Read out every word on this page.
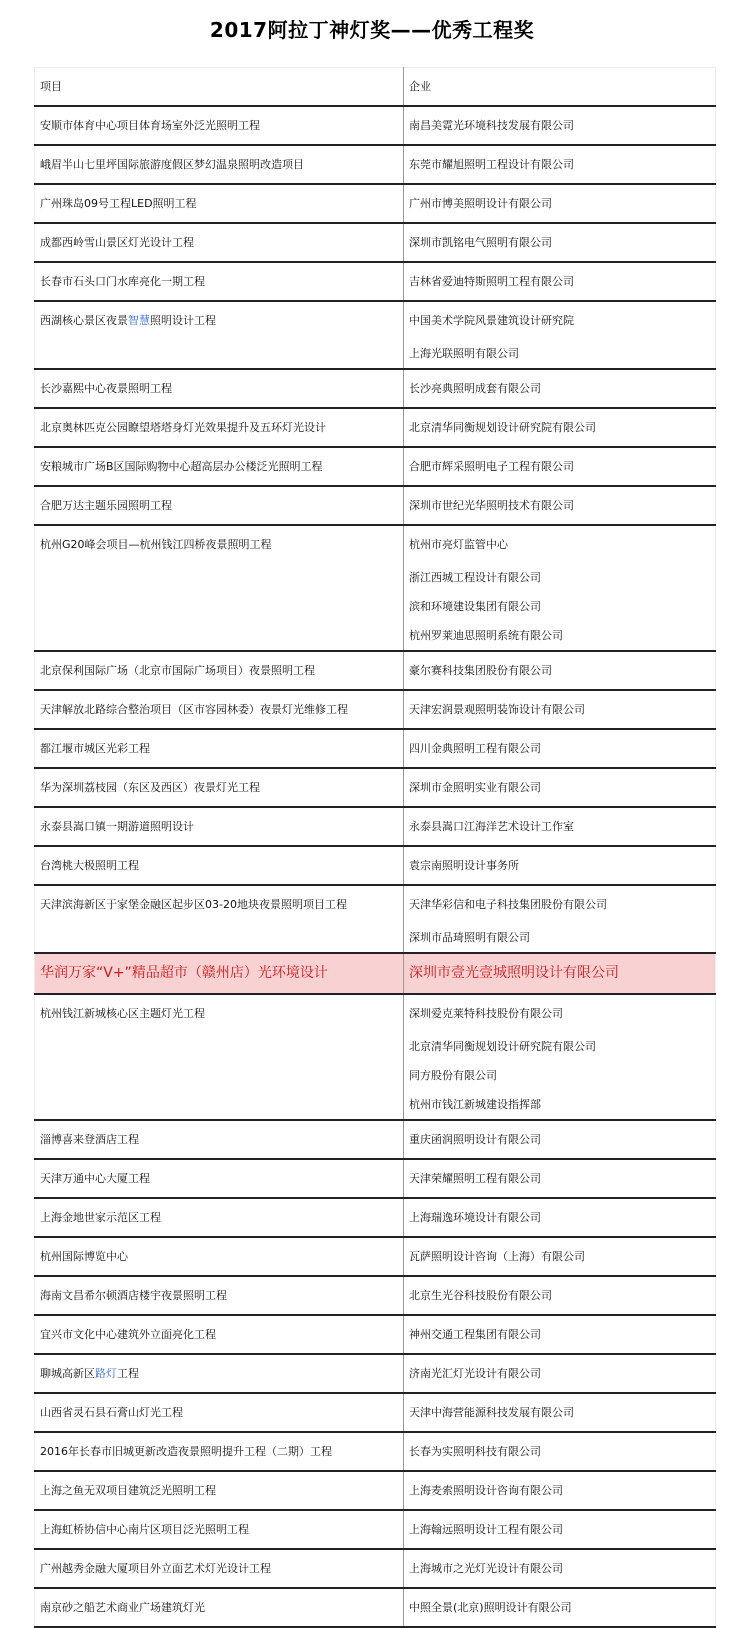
2017阿拉丁神灯奖——优秀工程奖
项目	企业

安顺市体育中心项目体育场室外泛光照明工程	南昌美霓光环境科技发展有限公司

峨眉半山七里坪国际旅游度假区梦幻温泉照明改造项目	东莞市耀旭照明工程设计有限公司

广州珠岛09号工程LED照明工程	广州市博美照明设计有限公司

成都西岭雪山景区灯光设计工程	深圳市凯铭电气照明有限公司

长春市石头口门水库亮化一期工程	吉林省爱迪特斯照明工程有限公司

西湖核心景区夜景智慧照明设计工程	中国美术学院风景建筑设计研究院
上海光联照明有限公司

长沙嘉熙中心夜景照明工程	长沙亮典照明成套有限公司

北京奥林匹克公园瞭望塔塔身灯光效果提升及五环灯光设计	北京清华同衡规划设计研究院有限公司

安粮城市广场B区国际购物中心超高层办公楼泛光照明工程	合肥市辉采照明电子工程有限公司

合肥万达主题乐园照明工程	深圳市世纪光华照明技术有限公司

杭州G20峰会项目—杭州钱江四桥夜景照明工程	杭州市亮灯监管中心
浙江西城工程设计有限公司
滨和环境建设集团有限公司
杭州罗莱迪思照明系统有限公司

北京保利国际广场（北京市国际广场项目）夜景照明工程	豪尔赛科技集团股份有限公司

天津解放北路综合整治项目（区市容园林委）夜景灯光维修工程	天津宏润景观照明装饰设计有限公司

都江堰市城区光彩工程	四川金典照明工程有限公司

华为深圳荔枝园（东区及西区）夜景灯光工程	深圳市金照明实业有限公司

永泰县嵩口镇一期游道照明设计	永泰县嵩口江海洋艺术设计工作室

台湾桃大极照明工程	袁宗南照明设计事务所

天津滨海新区于家堡金融区起步区03-20地块夜景照明项目工程	天津华彩信和电子科技集团股份有限公司
深圳市品琦照明有限公司

华润万家“V+”精品超市（赣州店）光环境设计	深圳市壹光壹城照明设计有限公司

杭州钱江新城核心区主题灯光工程	深圳爱克莱特科技股份有限公司
北京清华同衡规划设计研究院有限公司
同方股份有限公司
杭州市钱江新城建设指挥部

淄博喜来登酒店工程	重庆函润照明设计有限公司

天津万通中心大厦工程	天津荣耀照明工程有限公司

上海金地世家示范区工程	上海瑞逸环境设计有限公司

杭州国际博览中心	瓦萨照明设计咨询（上海）有限公司

海南文昌希尔顿酒店楼宇夜景照明工程	北京生光谷科技股份有限公司

宜兴市文化中心建筑外立面亮化工程	神州交通工程集团有限公司

聊城高新区路灯工程	济南光汇灯光设计有限公司

山西省灵石县石膏山灯光工程	天津中海营能源科技发展有限公司

2016年长春市旧城更新改造夜景照明提升工程（二期）工程	长春为实照明科技有限公司

上海之鱼无双项目建筑泛光照明工程	上海麦索照明设计咨询有限公司

上海虹桥协信中心南片区项目泛光照明工程	上海翰远照明设计工程有限公司

广州越秀金融大厦项目外立面艺术灯光设计工程	上海城市之光灯光设计有限公司

南京砂之船艺术商业广场建筑灯光	中照全景(北京)照明设计有限公司
